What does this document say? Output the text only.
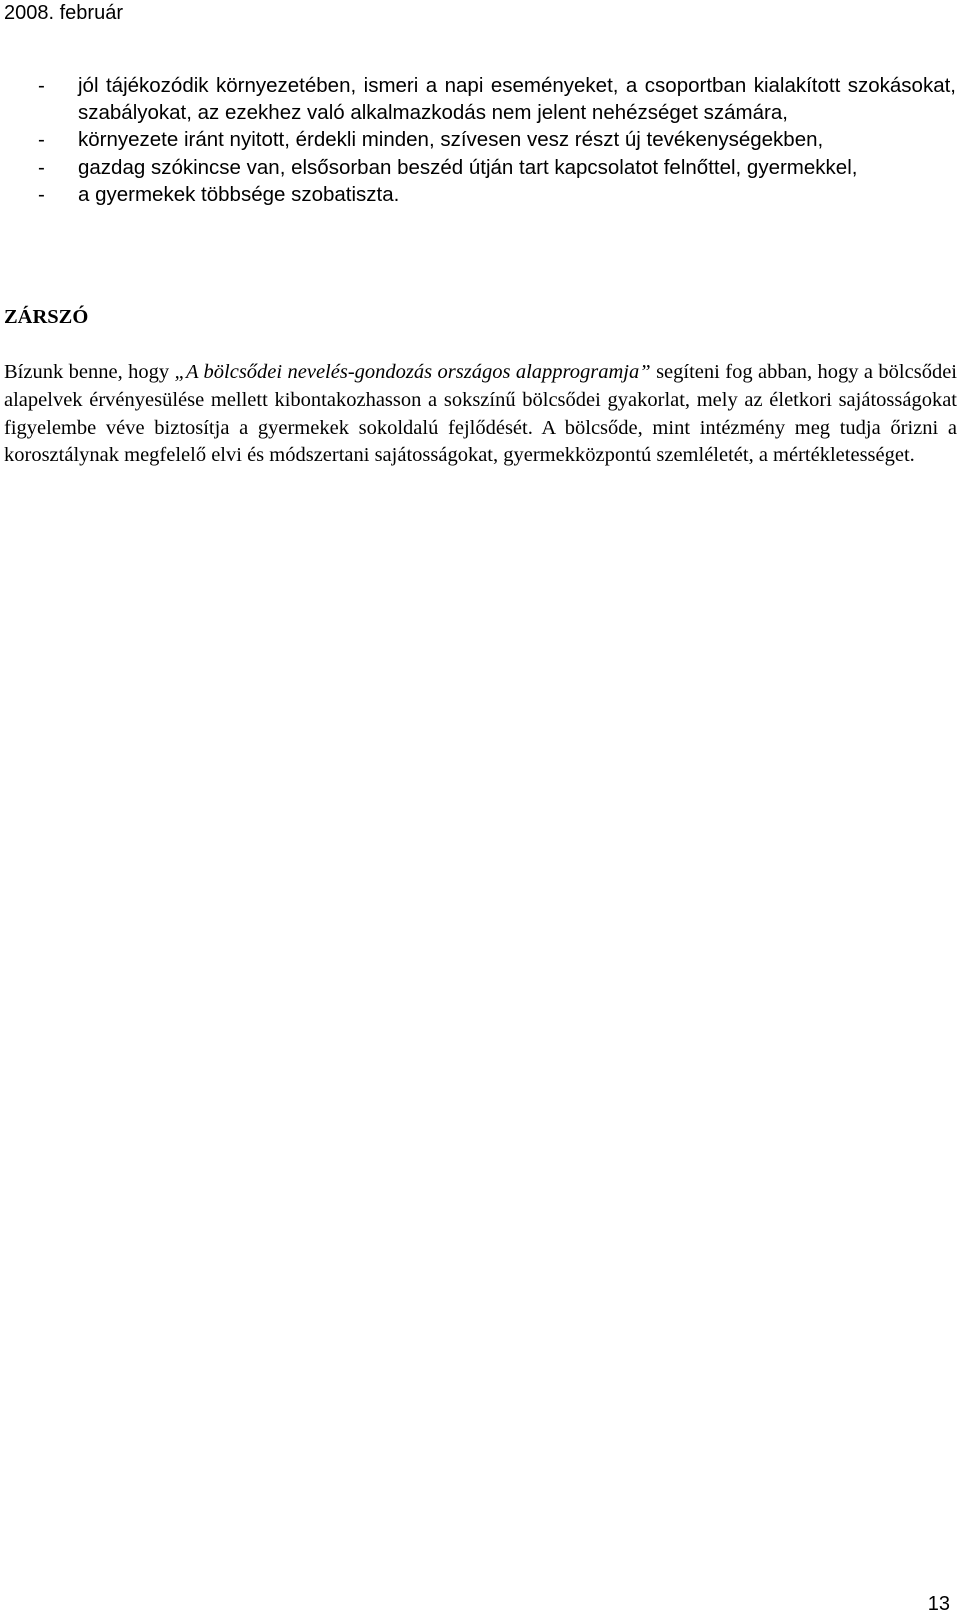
2008. február
-	jól tájékozódik környezetében, ismeri a napi eseményeket, a csoportban kialakított szokásokat, szabályokat, az ezekhez való alkalmazkodás nem jelent nehézséget számára,
-	környezete iránt nyitott, érdekli minden, szívesen vesz részt új tevékenységekben,
-	gazdag szókincse van, elsősorban beszéd útján tart kapcsolatot felnőttel, gyermekkel,
-	a gyermekek többsége szobatiszta.
ZÁRSZÓ

Bízunk benne, hogy „A bölcsődei nevelés-gondozás országos alapprogramja” segíteni fog abban, hogy a bölcsődei alapelvek érvényesülése mellett kibontakozhasson a sokszínű bölcsődei gyakorlat, mely az életkori sajátosságokat figyelembe véve biztosítja a gyermekek sokoldalú fejlődését. A bölcsőde, mint intézmény meg tudja őrizni a korosztálynak megfelelő elvi és módszertani sajátosságokat, gyermekközpontú szemléletét, a mértékletességet.

13
